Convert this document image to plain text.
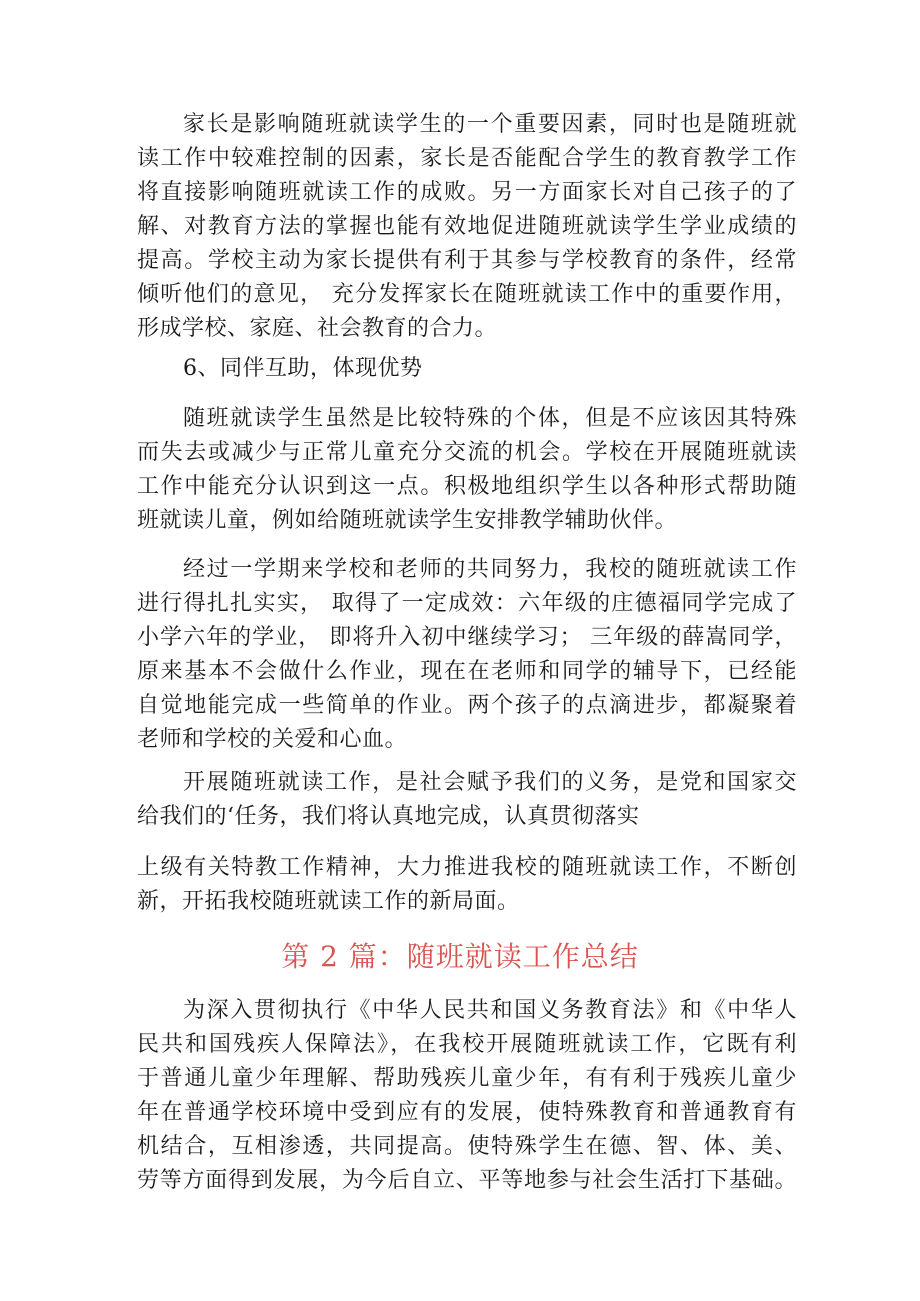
家长是影响随班就读学生的一个重要因素，同时也是随班就
读工作中较难控制的因素，家长是否能配合学生的教育教学工作
将直接影响随班就读工作的成败。另一方面家长对自己孩子的了
解、对教育方法的掌握也能有效地促进随班就读学生学业成绩的
提高。学校主动为家长提供有利于其参与学校教育的条件，经常
倾听他们的意见， 充分发挥家长在随班就读工作中的重要作用，
形成学校、家庭、社会教育的合力。
6、同伴互助，体现优势
随班就读学生虽然是比较特殊的个体，但是不应该因其特殊
而失去或减少与正常儿童充分交流的机会。学校在开展随班就读
工作中能充分认识到这一点。积极地组织学生以各种形式帮助随
班就读儿童，例如给随班就读学生安排教学辅助伙伴。
经过一学期来学校和老师的共同努力，我校的随班就读工作
进行得扎扎实实， 取得了一定成效：六年级的庄德福同学完成了
小学六年的学业， 即将升入初中继续学习； 三年级的薛嵩同学，
原来基本不会做什么作业，现在在老师和同学的辅导下，已经能
自觉地能完成一些简单的作业。两个孩子的点滴进步，都凝聚着
老师和学校的关爱和心血。
开展随班就读工作，是社会赋予我们的义务，是党和国家交
给我们的‘任务，我们将认真地完成，认真贯彻落实
上级有关特教工作精神，大力推进我校的随班就读工作，不断创
新，开拓我校随班就读工作的新局面。
第 2 篇：随班就读工作总结
为深入贯彻执行《中华人民共和国义务教育法》和《中华人
民共和国残疾人保障法》，在我校开展随班就读工作，它既有利
于普通儿童少年理解、帮助残疾儿童少年，有有利于残疾儿童少
年在普通学校环境中受到应有的发展，使特殊教育和普通教育有
机结合，互相渗透，共同提高。使特殊学生在德、智、体、美、
劳等方面得到发展，为今后自立、平等地参与社会生活打下基础。
